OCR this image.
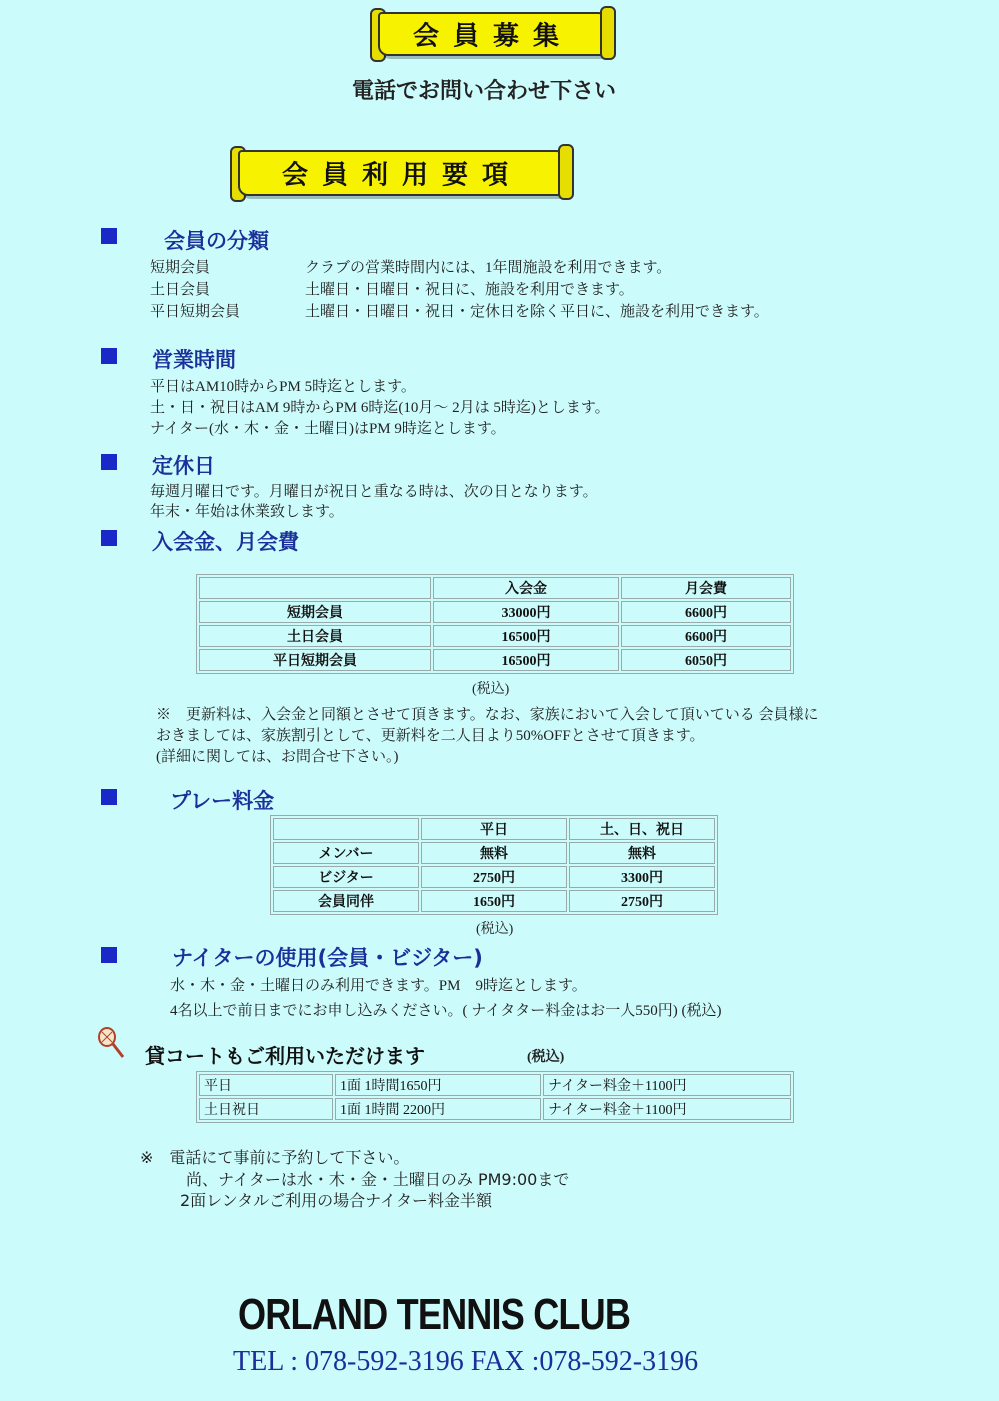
会員募集
電話でお問い合わせ下さい
会員利用要項
会員の分類
短期会員	クラブの営業時間内には、1年間施設を利用できます。
土日会員	土曜日・日曜日・祝日に、施設を利用できます。
平日短期会員	土曜日・日曜日・祝日・定休日を除く平日に、施設を利用できます。
営業時間
平日はAM10時からPM 5時迄とします。
土・日・祝日はAM 9時からPM 6時迄(10月～ 2月は 5時迄)とします。
ナイター(水・木・金・土曜日)はPM 9時迄とします。
定休日
毎週月曜日です。月曜日が祝日と重なる時は、次の日となります。
年末・年始は休業致します。
入会金、月会費
	入会金	月会費
短期会員	33000円	6600円
土日会員	16500円	6600円
平日短期会員	16500円	6050円
(税込)
※　更新料は、入会金と同額とさせて頂きます。なお、家族において入会して頂いている 会員様に
おきましては、家族割引として、更新料を二人目より50%OFFとさせて頂きます。
(詳細に関しては、お問合せ下さい。)
プレー料金
	平日	土、日、祝日
メンバー	無料	無料
ビジター	2750円	3300円
会員同伴	1650円	2750円
(税込)
ナイターの使用(会員・ビジター)
水・木・金・土曜日のみ利用できます。PM　9時迄とします。
4名以上で前日までにお申し込みください。( ナイタター料金はお一人550円) (税込)
貸コートもご利用いただけます	(税込)
平日	1面 1時間1650円	ナイター料金＋1100円
土日祝日	1面 1時間 2200円	ナイター料金＋1100円
※　電話にて事前に予約して下さい。
尚、ナイターは水・木・金・土曜日のみ PM9:00まで
2面レンタルご利用の場合ナイター料金半額
ORLAND TENNIS CLUB
TEL : 078-592-3196 FAX :078-592-3196
